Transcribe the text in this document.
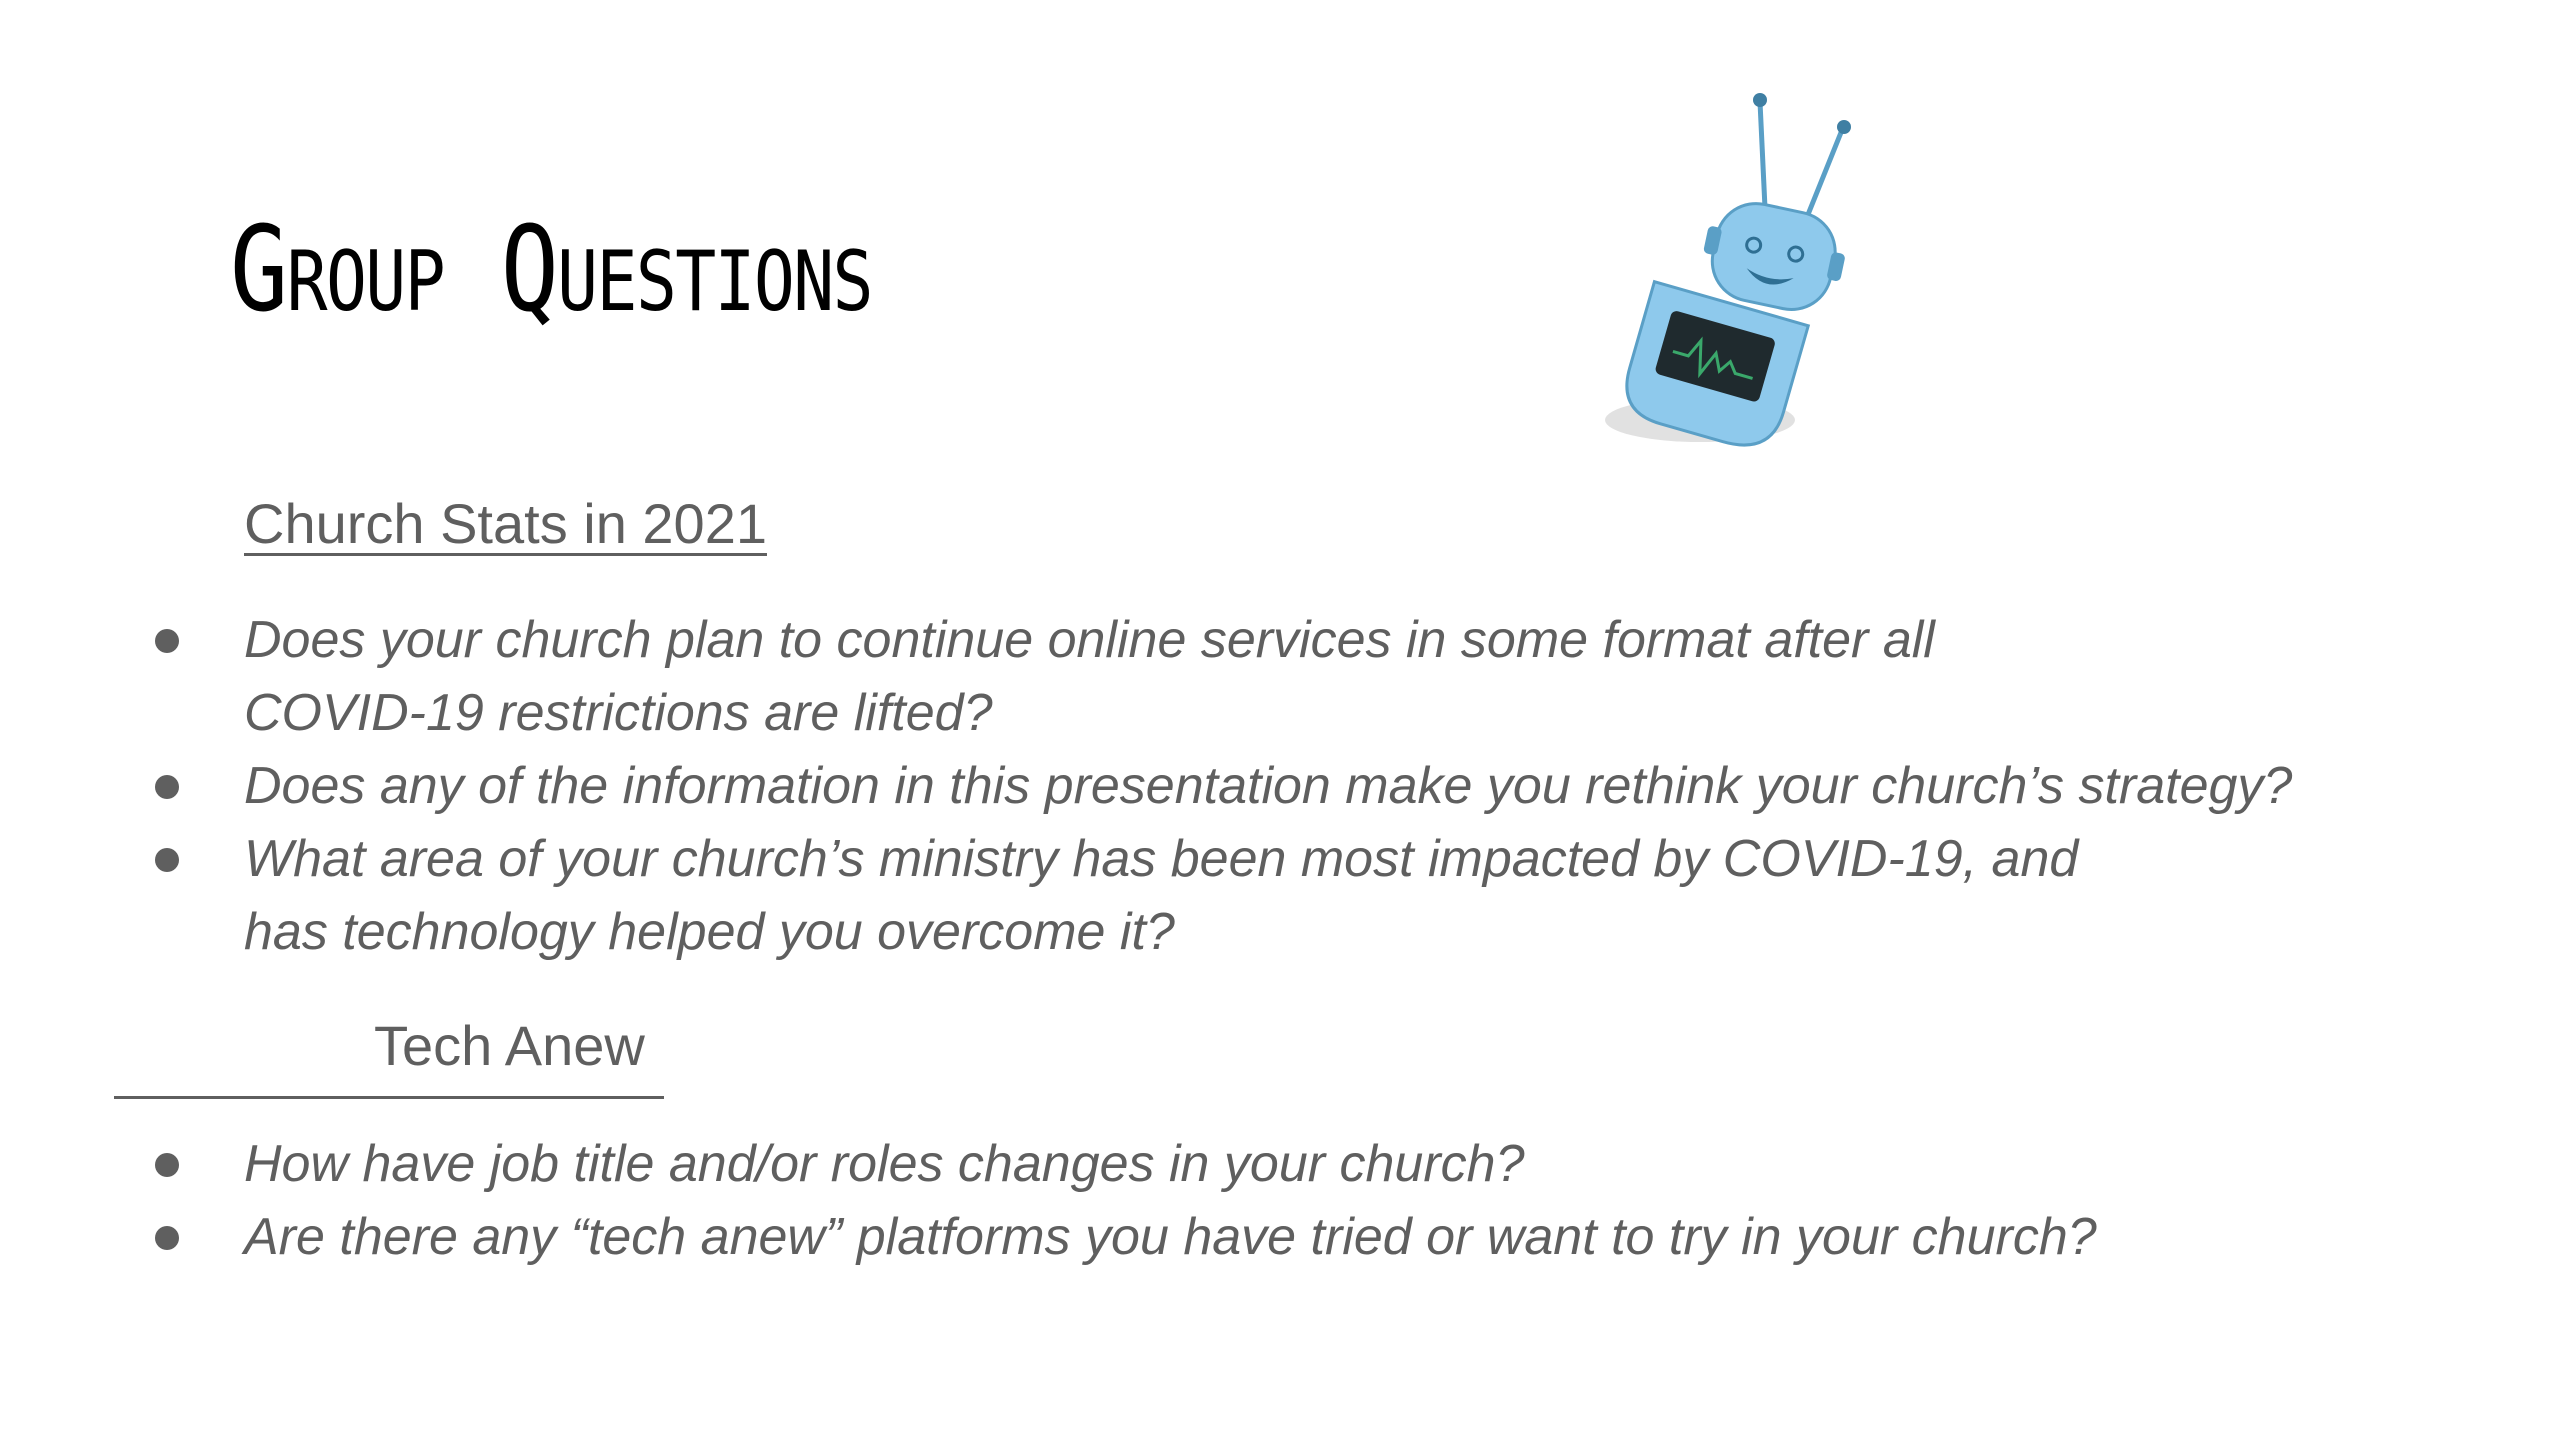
Group Questions
Church Stats in 2021
Does your church plan to continue online services in some format after all
COVID-19 restrictions are lifted?
Does any of the information in this presentation make you rethink your church’s strategy?
What area of your church’s ministry has been most impacted by COVID-19, and
has technology helped you overcome it?
Tech Anew
How have job title and/or roles changes in your church?
Are there any “tech anew” platforms you have tried or want to try in your church?
